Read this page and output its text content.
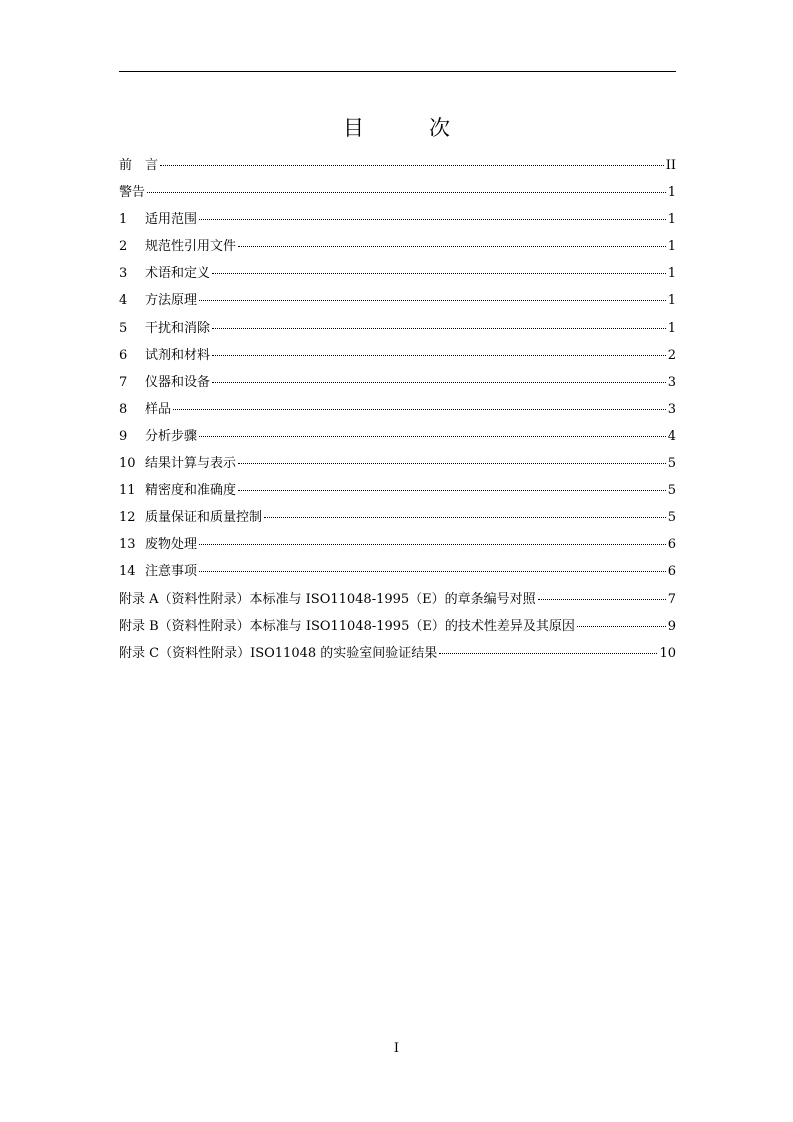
目　次
前　言	II
警告	1
1	适用范围	1
2	规范性引用文件	1
3	术语和定义	1
4	方法原理	1
5	干扰和消除	1
6	试剂和材料	2
7	仪器和设备	3
8	样品	3
9	分析步骤	4
10 结果计算与表示	5
11 精密度和准确度	5
12 质量保证和质量控制	5
13 废物处理	6
14 注意事项	6
附录 A（资料性附录）本标准与 ISO11048-1995（E）的章条编号对照	7
附录 B（资料性附录）本标准与 ISO11048-1995（E）的技术性差异及其原因	9
附录 C（资料性附录）ISO11048 的实验室间验证结果	10
I
